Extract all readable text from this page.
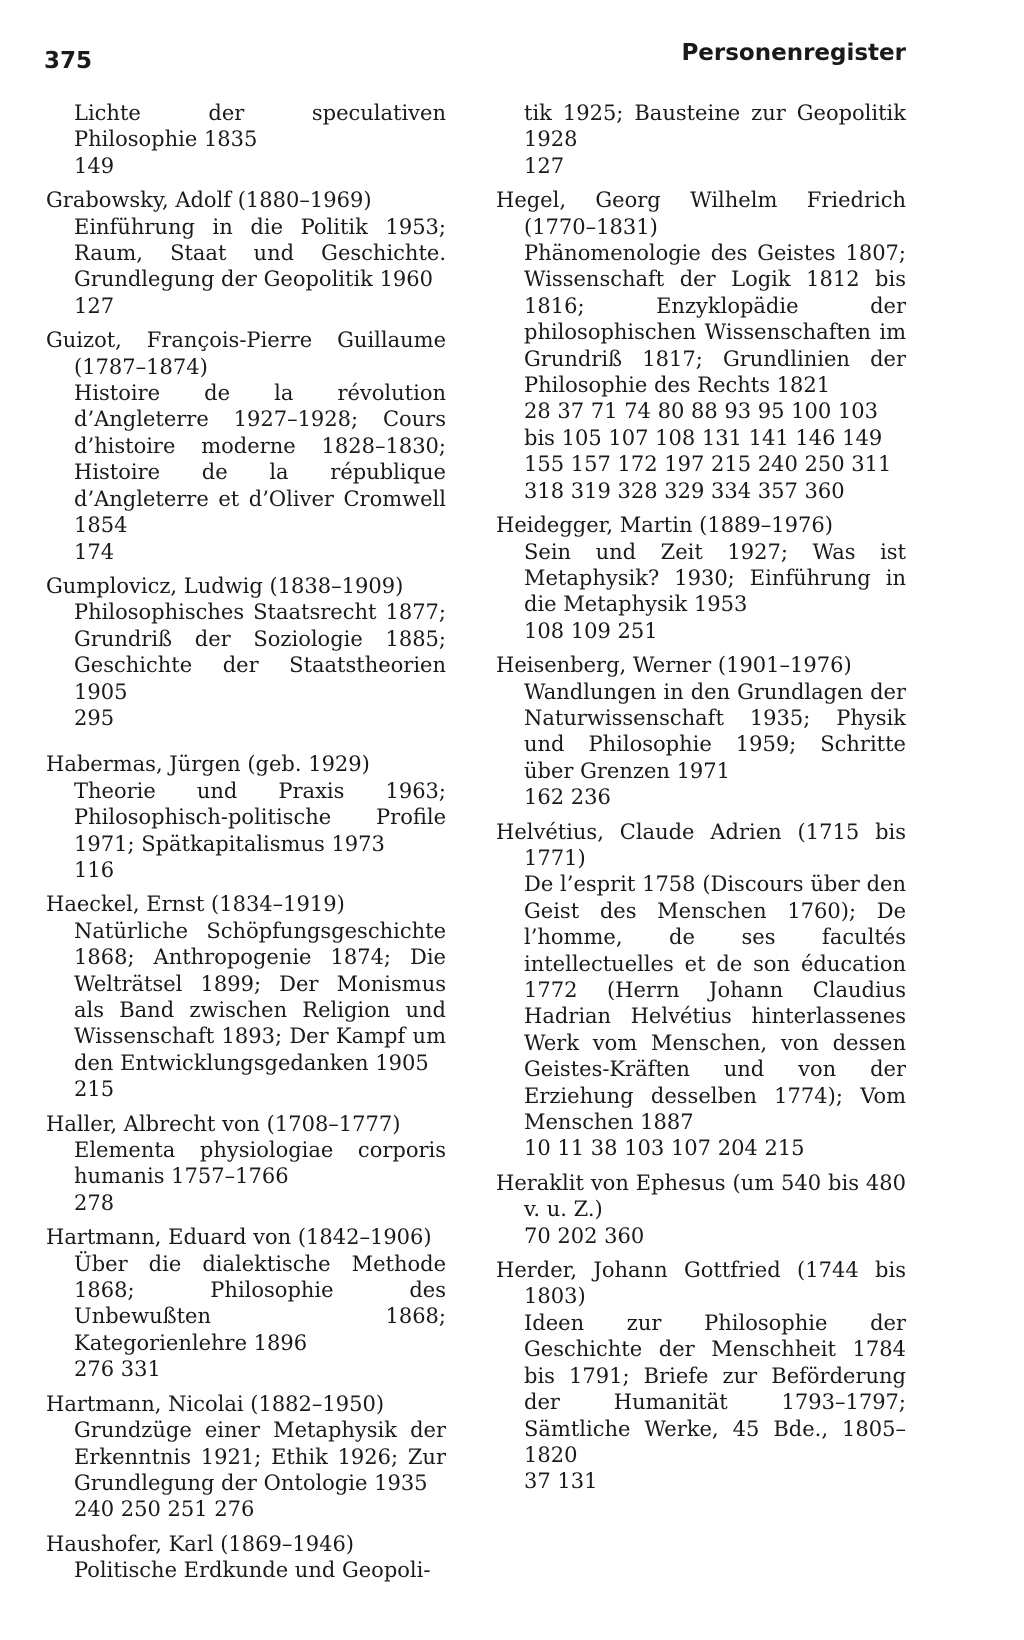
375	Personenregister
Lichte der speculativen Philosophie 1835
149
Grabowsky, Adolf (1880–1969)
Einführung in die Politik 1953; Raum, Staat und Geschichte. Grundlegung der Geopolitik 1960
127
Guizot, François-Pierre Guillaume (1787–1874)
Histoire de la révolution d’Angleterre 1927–1928; Cours d’histoire moderne 1828–1830; Histoire de la république d’Angleterre et d’Oliver Cromwell 1854
174
Gumplovicz, Ludwig (1838–1909)
Philosophisches Staatsrecht 1877; Grundriß der Soziologie 1885; Geschichte der Staatstheorien 1905
295
Habermas, Jürgen (geb. 1929)
Theorie und Praxis 1963; Philosophisch-politische Profile 1971; Spätkapitalismus 1973
116
Haeckel, Ernst (1834–1919)
Natürliche Schöpfungsgeschichte 1868; Anthropogenie 1874; Die Welträtsel 1899; Der Monismus als Band zwischen Religion und Wissenschaft 1893; Der Kampf um den Entwicklungsgedanken 1905
215
Haller, Albrecht von (1708–1777)
Elementa physiologiae corporis humanis 1757–1766
278
Hartmann, Eduard von (1842–1906)
Über die dialektische Methode 1868; Philosophie des Unbewußten 1868; Kategorienlehre 1896
276 331
Hartmann, Nicolai (1882–1950)
Grundzüge einer Metaphysik der Erkenntnis 1921; Ethik 1926; Zur Grundlegung der Ontologie 1935
240 250 251 276
Haushofer, Karl (1869–1946)
Politische Erdkunde und Geopoli-
tik 1925; Bausteine zur Geopolitik 1928
127
Hegel, Georg Wilhelm Friedrich (1770–1831)
Phänomenologie des Geistes 1807; Wissenschaft der Logik 1812 bis 1816; Enzyklopädie der philosophischen Wissenschaften im Grundriß 1817; Grundlinien der Philosophie des Rechts 1821
28 37 71 74 80 88 93 95 100 103 bis 105 107 108 131 141 146 149 155 157 172 197 215 240 250 311 318 319 328 329 334 357 360
Heidegger, Martin (1889–1976)
Sein und Zeit 1927; Was ist Metaphysik? 1930; Einführung in die Metaphysik 1953
108 109 251
Heisenberg, Werner (1901–1976)
Wandlungen in den Grundlagen der Naturwissenschaft 1935; Physik und Philosophie 1959; Schritte über Grenzen 1971
162 236
Helvétius, Claude Adrien (1715 bis 1771)
De l’esprit 1758 (Discours über den Geist des Menschen 1760); De l’homme, de ses facultés intellectuelles et de son éducation 1772 (Herrn Johann Claudius Hadrian Helvétius hinterlassenes Werk vom Menschen, von dessen Geistes-Kräften und von der Erziehung desselben 1774); Vom Menschen 1887
10 11 38 103 107 204 215
Heraklit von Ephesus (um 540 bis 480 v. u. Z.)
70 202 360
Herder, Johann Gottfried (1744 bis 1803)
Ideen zur Philosophie der Geschichte der Menschheit 1784 bis 1791; Briefe zur Beförderung der Humanität 1793–1797; Sämtliche Werke, 45 Bde., 1805–1820
37 131
